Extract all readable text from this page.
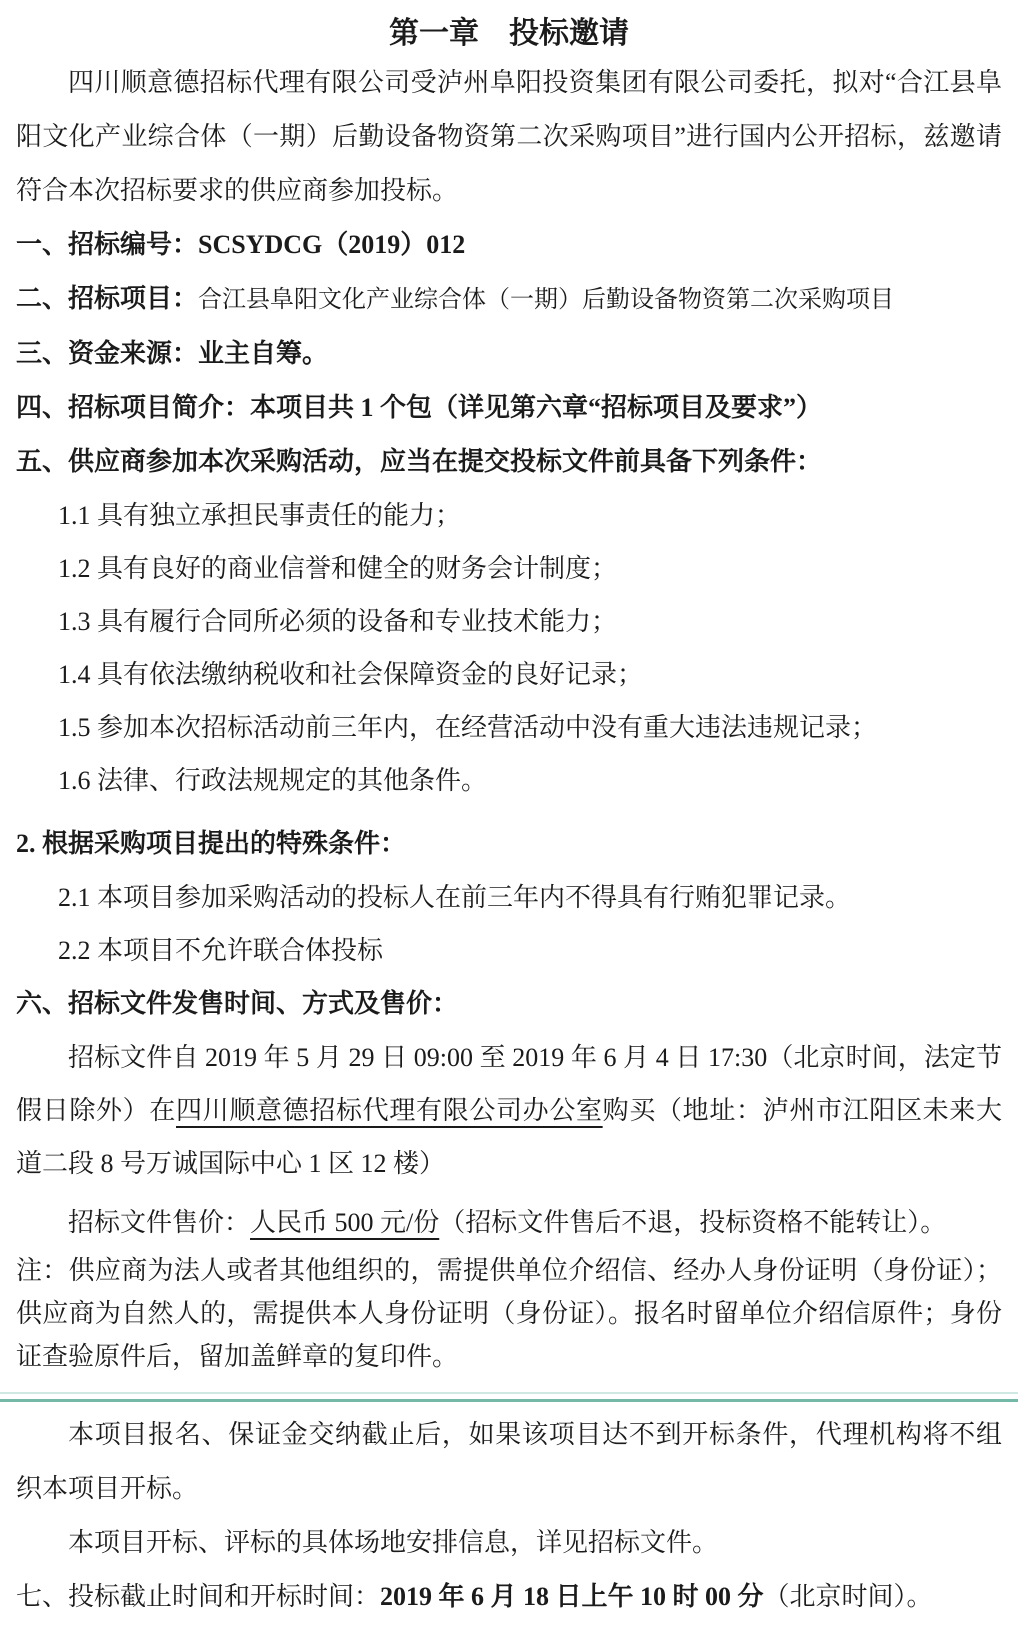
第一章　投标邀请

四川顺意德招标代理有限公司受泸州阜阳投资集团有限公司委托，拟对“合江县阜阳文化产业综合体（一期）后勤设备物资第二次采购项目”进行国内公开招标，兹邀请符合本次招标要求的供应商参加投标。

一、招标编号：SCSYDCG（2019）012

二、招标项目：合江县阜阳文化产业综合体（一期）后勤设备物资第二次采购项目

三、资金来源：业主自筹。

四、招标项目简介：本项目共 1 个包（详见第六章“招标项目及要求”）

五、供应商参加本次采购活动，应当在提交投标文件前具备下列条件：

1.1 具有独立承担民事责任的能力；

1.2 具有良好的商业信誉和健全的财务会计制度；

1.3 具有履行合同所必须的设备和专业技术能力；

1.4 具有依法缴纳税收和社会保障资金的良好记录；

1.5 参加本次招标活动前三年内，在经营活动中没有重大违法违规记录；

1.6 法律、行政法规规定的其他条件。

2. 根据采购项目提出的特殊条件：

2.1 本项目参加采购活动的投标人在前三年内不得具有行贿犯罪记录。

2.2 本项目不允许联合体投标

六、招标文件发售时间、方式及售价：

招标文件自 2019 年 5 月 29 日 09:00 至 2019 年 6 月 4 日 17:30（北京时间，法定节假日除外）在四川顺意德招标代理有限公司办公室购买（地址：泸州市江阳区未来大道二段 8 号万诚国际中心 1 区 12 楼）

招标文件售价：人民币 500 元/份（招标文件售后不退，投标资格不能转让）。

注：供应商为法人或者其他组织的，需提供单位介绍信、经办人身份证明（身份证）；供应商为自然人的，需提供本人身份证明（身份证）。报名时留单位介绍信原件；身份证查验原件后，留加盖鲜章的复印件。

本项目报名、保证金交纳截止后，如果该项目达不到开标条件，代理机构将不组织本项目开标。

本项目开标、评标的具体场地安排信息，详见招标文件。

七、投标截止时间和开标时间：2019 年 6 月 18 日上午 10 时 00 分（北京时间）。
